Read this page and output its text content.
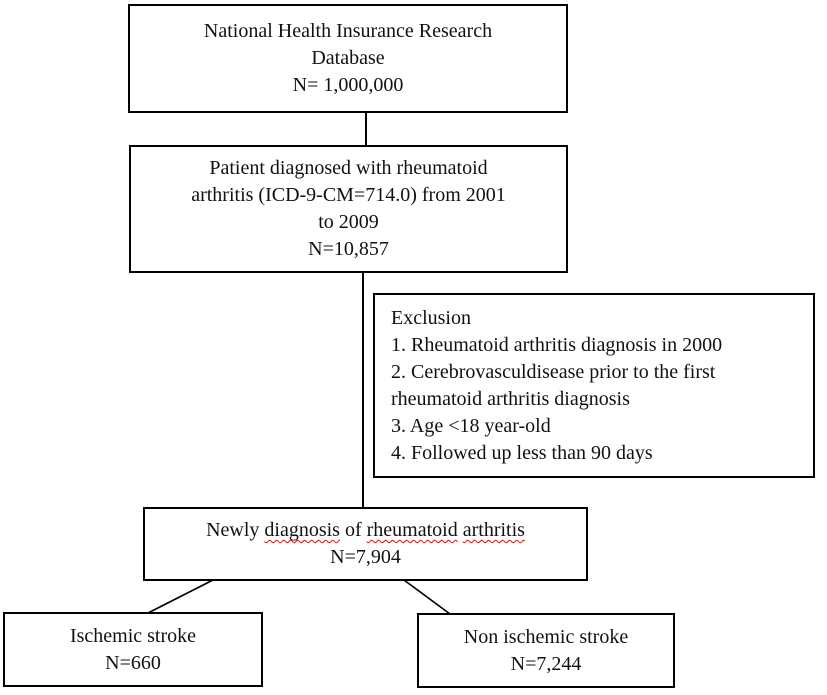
National Health Insurance Research
Database
N= 1,000,000
Patient diagnosed with rheumatoid
arthritis (ICD-9-CM=714.0) from 2001
to 2009
N=10,857
Exclusion
1. Rheumatoid arthritis diagnosis in 2000
2. Cerebrovasculdisease prior to the first
rheumatoid arthritis diagnosis
3. Age <18 year-old
4. Followed up less than 90 days
Newly diagnosis of rheumatoid arthritis
N=7,904
Ischemic stroke
N=660
Non ischemic stroke
N=7,244
